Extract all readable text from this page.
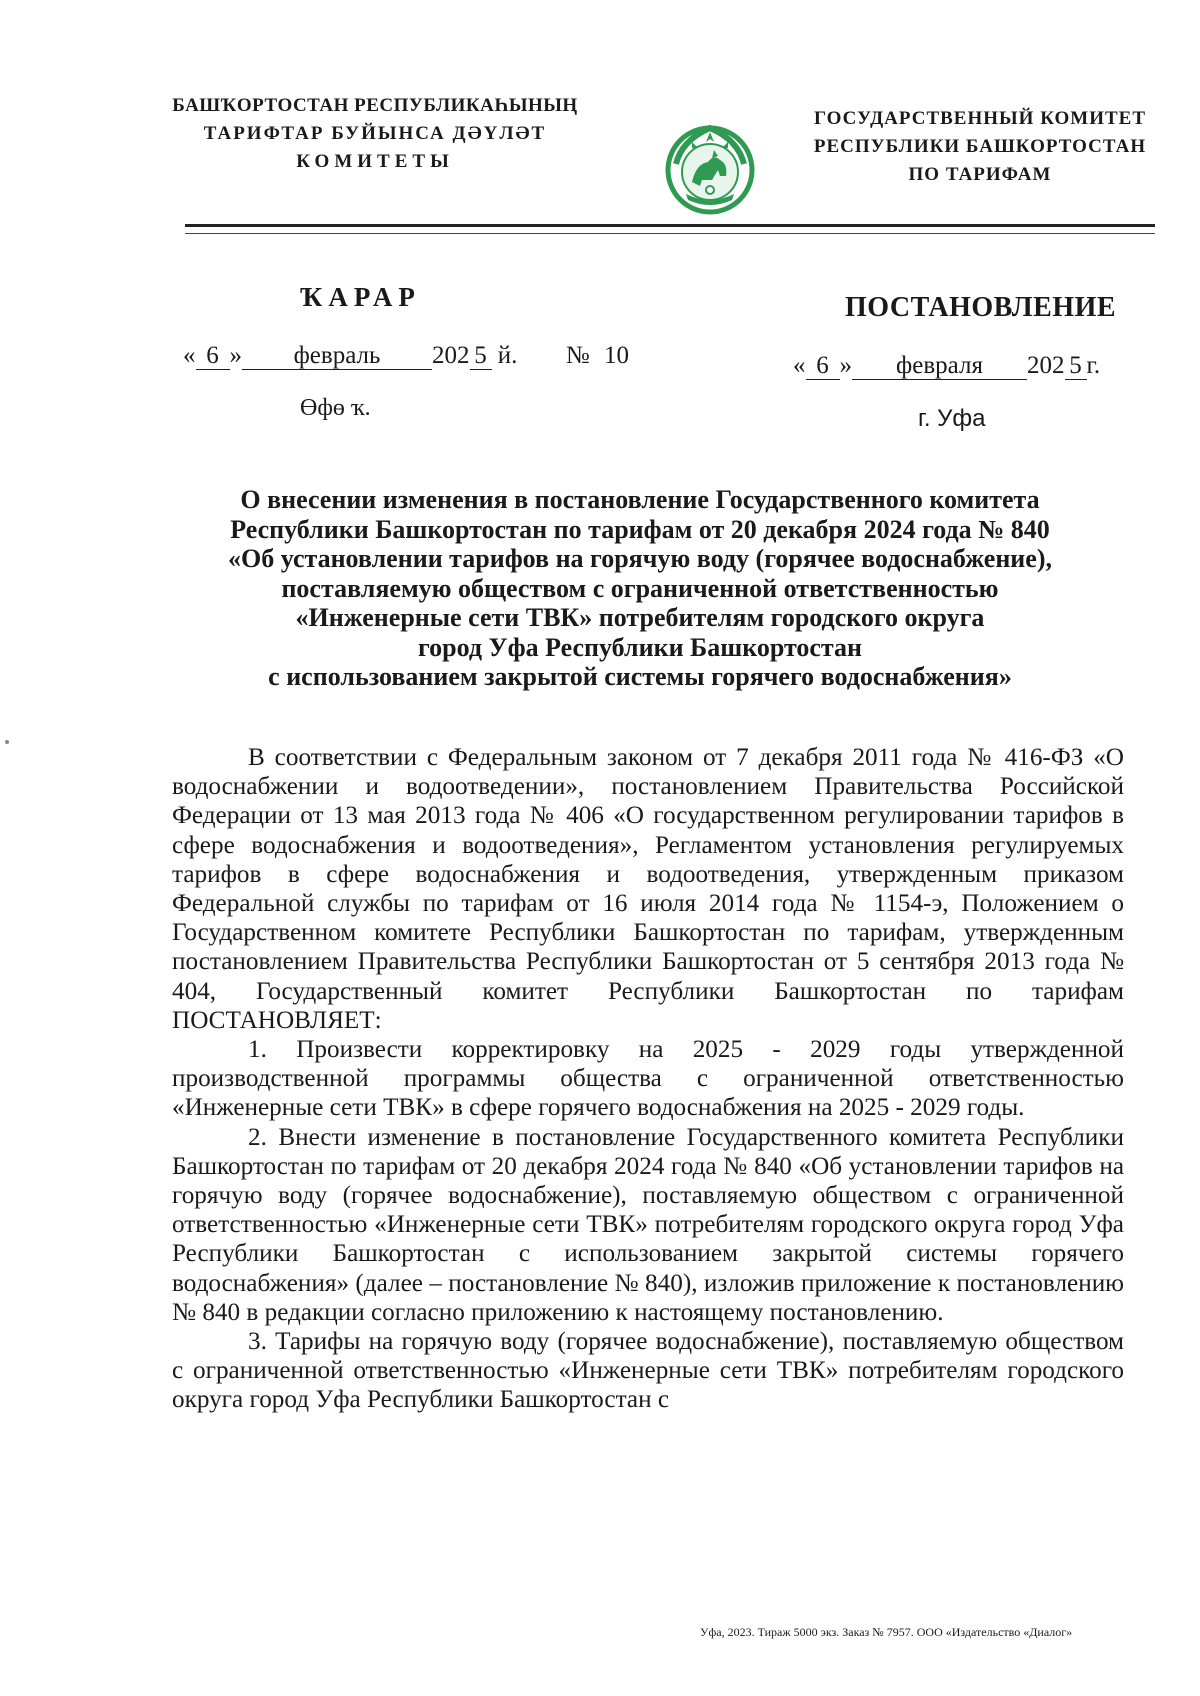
БАШҠОРТОСТАН РЕСПУБЛИКАҺЫНЫҢ
ТАРИФТАР БУЙЫНСА ДӘҮЛӘТ
КОМИТЕТЫ
ГОСУДАРСТВЕННЫЙ КОМИТЕТ
РЕСПУБЛИКИ БАШКОРТОСТАН
ПО ТАРИФАМ
ҠАРАР	ПОСТАНОВЛЕНИЕ
« 6 » февраль 202 5 й. № 10	« 6 » февраля 202 5 г.
Өфө ҡ.	г. Уфа
О внесении изменения в постановление Государственного комитета
Республики Башкортостан по тарифам от 20 декабря 2024 года № 840
«Об установлении тарифов на горячую воду (горячее водоснабжение),
поставляемую обществом с ограниченной ответственностью
«Инженерные сети ТВК» потребителям городского округа
город Уфа Республики Башкортостан
с использованием закрытой системы горячего водоснабжения»

В соответствии с Федеральным законом от 7 декабря 2011 года № 416-ФЗ «О водоснабжении и водоотведении», постановлением Правительства Российской Федерации от 13 мая 2013 года № 406 «О государственном регулировании тарифов в сфере водоснабжения и водоотведения», Регламентом установления регулируемых тарифов в сфере водоснабжения и водоотведения, утвержденным приказом Федеральной службы по тарифам от 16 июля 2014 года № 1154-э, Положением о Государственном комитете Республики Башкортостан по тарифам, утвержденным постановлением Правительства Республики Башкортостан от 5 сентября 2013 года № 404, Государственный комитет Республики Башкортостан по тарифам ПОСТАНОВЛЯЕТ:

1. Произвести корректировку на 2025 - 2029 годы утвержденной производственной программы общества с ограниченной ответственностью «Инженерные сети ТВК» в сфере горячего водоснабжения на 2025 - 2029 годы.

2. Внести изменение в постановление Государственного комитета Республики Башкортостан по тарифам от 20 декабря 2024 года № 840 «Об установлении тарифов на горячую воду (горячее водоснабжение), поставляемую обществом с ограниченной ответственностью «Инженерные сети ТВК» потребителям городского округа город Уфа Республики Башкортостан с использованием закрытой системы горячего водоснабжения» (далее – постановление № 840), изложив приложение к постановлению № 840 в редакции согласно приложению к настоящему постановлению.

3. Тарифы на горячую воду (горячее водоснабжение), поставляемую обществом с ограниченной ответственностью «Инженерные сети ТВК» потребителям городского округа город Уфа Республики Башкортостан с

Уфа, 2023. Тираж 5000 экз. Заказ № 7957. ООО «Издательство «Диалог»
